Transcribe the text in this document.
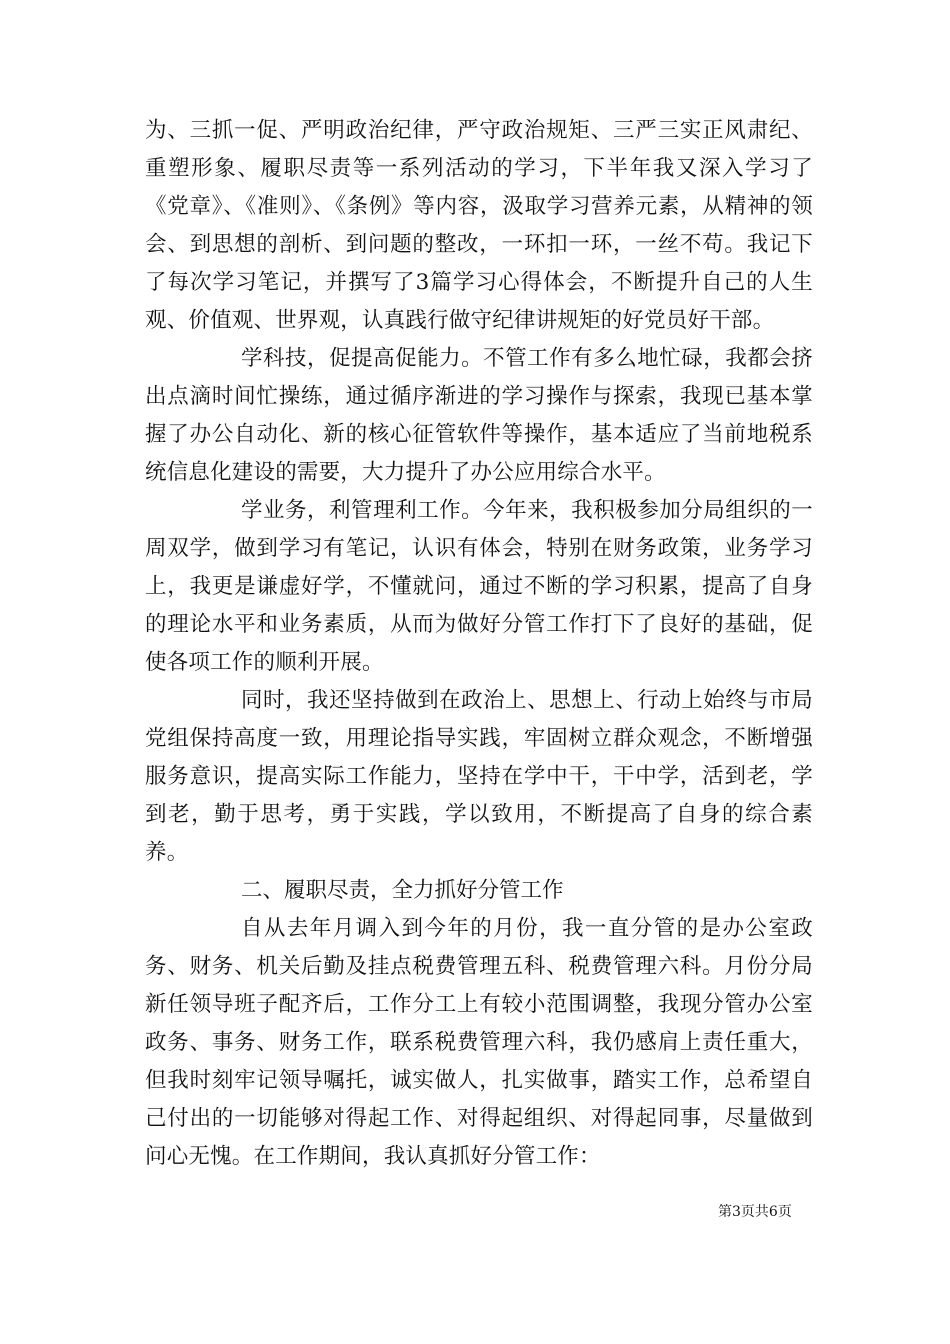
为、三抓一促、严明政治纪律，严守政治规矩、三严三实正风肃纪、重塑形象、履职尽责等一系列活动的学习，下半年我又深入学习了《党章》、《准则》、《条例》等内容，汲取学习营养元素，从精神的领会、到思想的剖析、到问题的整改，一环扣一环，一丝不苟。我记下了每次学习笔记，并撰写了3篇学习心得体会，不断提升自己的人生观、价值观、世界观，认真践行做守纪律讲规矩的好党员好干部。

学科技，促提高促能力。不管工作有多么地忙碌，我都会挤出点滴时间忙操练，通过循序渐进的学习操作与探索，我现已基本掌握了办公自动化、新的核心征管软件等操作，基本适应了当前地税系统信息化建设的需要，大力提升了办公应用综合水平。

学业务，利管理利工作。今年来，我积极参加分局组织的一周双学，做到学习有笔记，认识有体会，特别在财务政策，业务学习上，我更是谦虚好学，不懂就问，通过不断的学习积累，提高了自身的理论水平和业务素质，从而为做好分管工作打下了良好的基础，促使各项工作的顺利开展。

同时，我还坚持做到在政治上、思想上、行动上始终与市局党组保持高度一致，用理论指导实践，牢固树立群众观念，不断增强服务意识，提高实际工作能力，坚持在学中干，干中学，活到老，学到老，勤于思考，勇于实践，学以致用，不断提高了自身的综合素养。

二、履职尽责，全力抓好分管工作

自从去年月调入到今年的月份，我一直分管的是办公室政务、财务、机关后勤及挂点税费管理五科、税费管理六科。月份分局新任领导班子配齐后，工作分工上有较小范围调整，我现分管办公室政务、事务、财务工作，联系税费管理六科，我仍感肩上责任重大，但我时刻牢记领导嘱托，诚实做人，扎实做事，踏实工作，总希望自己付出的一切能够对得起工作、对得起组织、对得起同事，尽量做到问心无愧。在工作期间，我认真抓好分管工作：

第3页共6页
